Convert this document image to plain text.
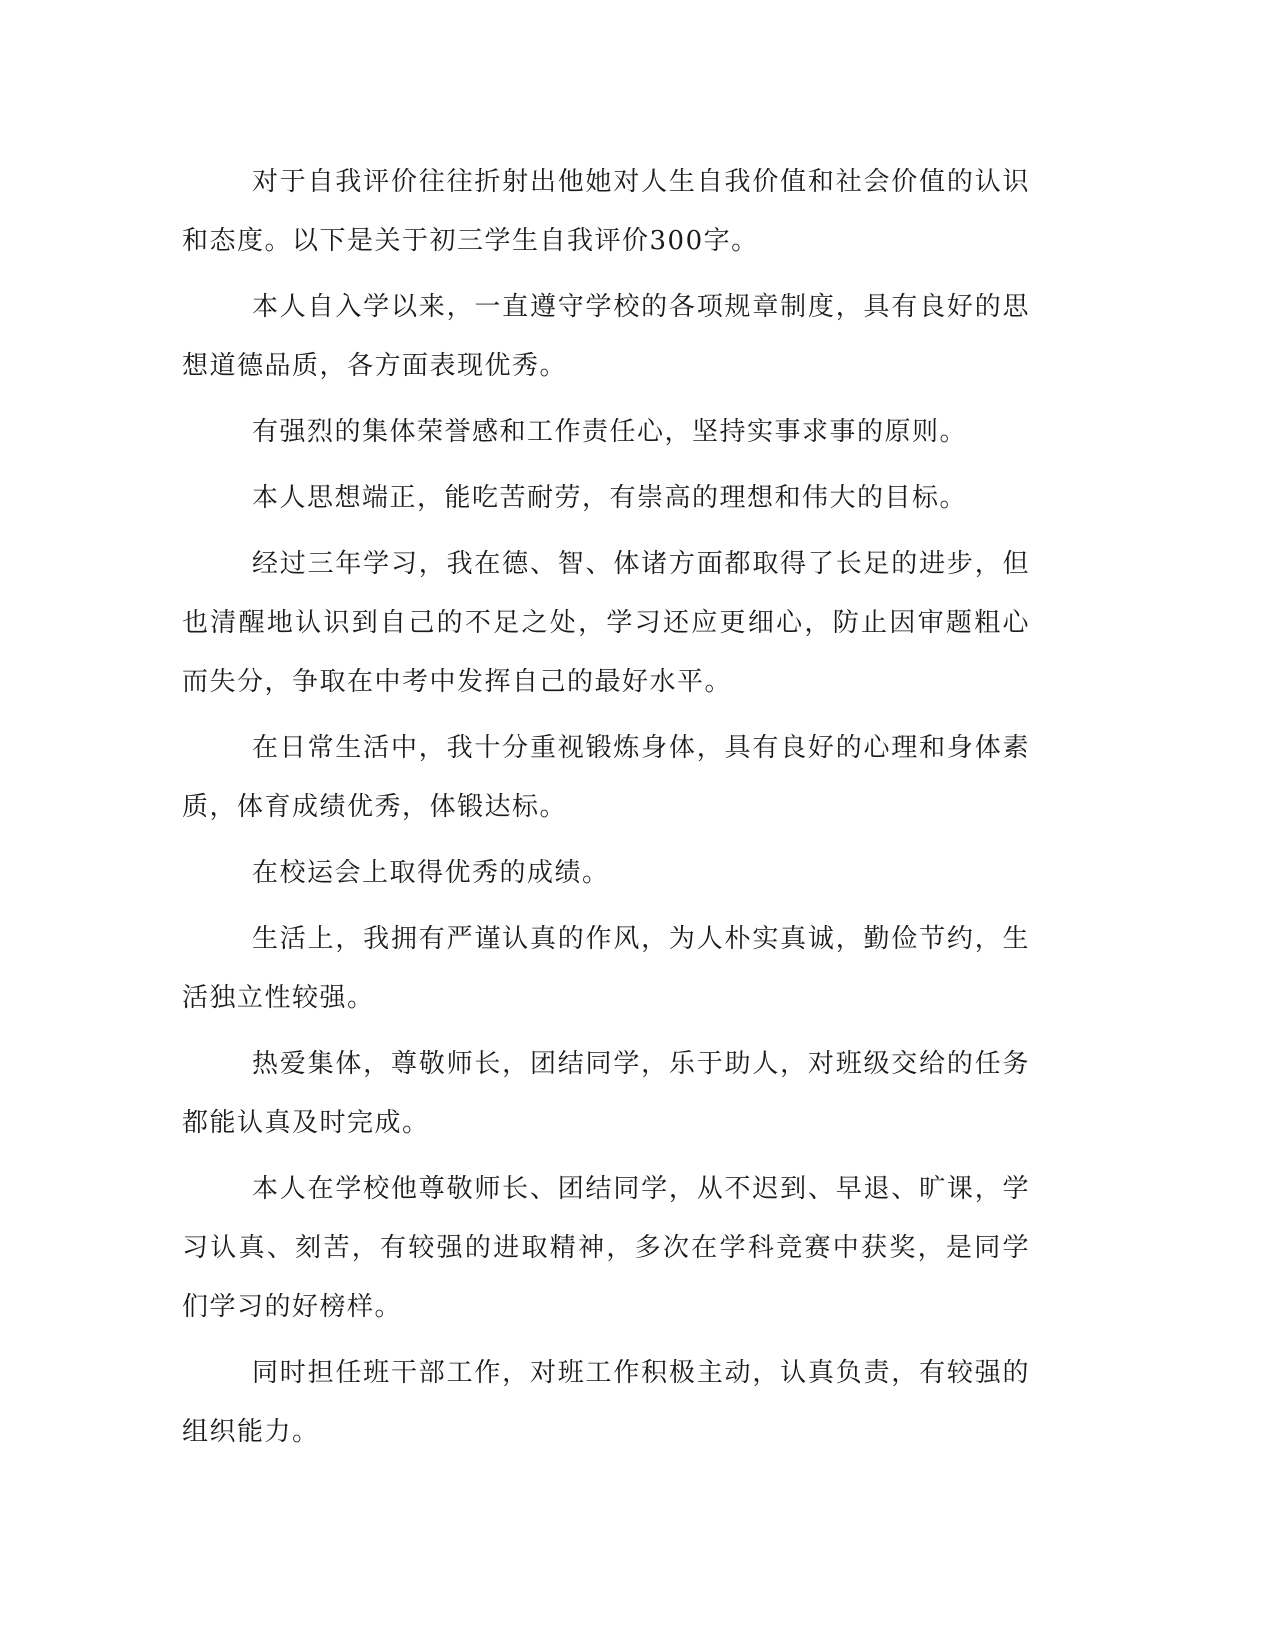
对于自我评价往往折射出他她对人生自我价值和社会价值的认识和态度。以下是关于初三学生自我评价300字。

本人自入学以来，一直遵守学校的各项规章制度，具有良好的思想道德品质，各方面表现优秀。

有强烈的集体荣誉感和工作责任心，坚持实事求事的原则。

本人思想端正，能吃苦耐劳，有崇高的理想和伟大的目标。

经过三年学习，我在德、智、体诸方面都取得了长足的进步，但也清醒地认识到自己的不足之处，学习还应更细心，防止因审题粗心而失分，争取在中考中发挥自己的最好水平。

在日常生活中，我十分重视锻炼身体，具有良好的心理和身体素质，体育成绩优秀，体锻达标。

在校运会上取得优秀的成绩。

生活上，我拥有严谨认真的作风，为人朴实真诚，勤俭节约，生活独立性较强。

热爱集体，尊敬师长，团结同学，乐于助人，对班级交给的任务都能认真及时完成。

本人在学校他尊敬师长、团结同学，从不迟到、早退、旷课，学习认真、刻苦，有较强的进取精神，多次在学科竞赛中获奖，是同学们学习的好榜样。

同时担任班干部工作，对班工作积极主动，认真负责，有较强的组织能力。
